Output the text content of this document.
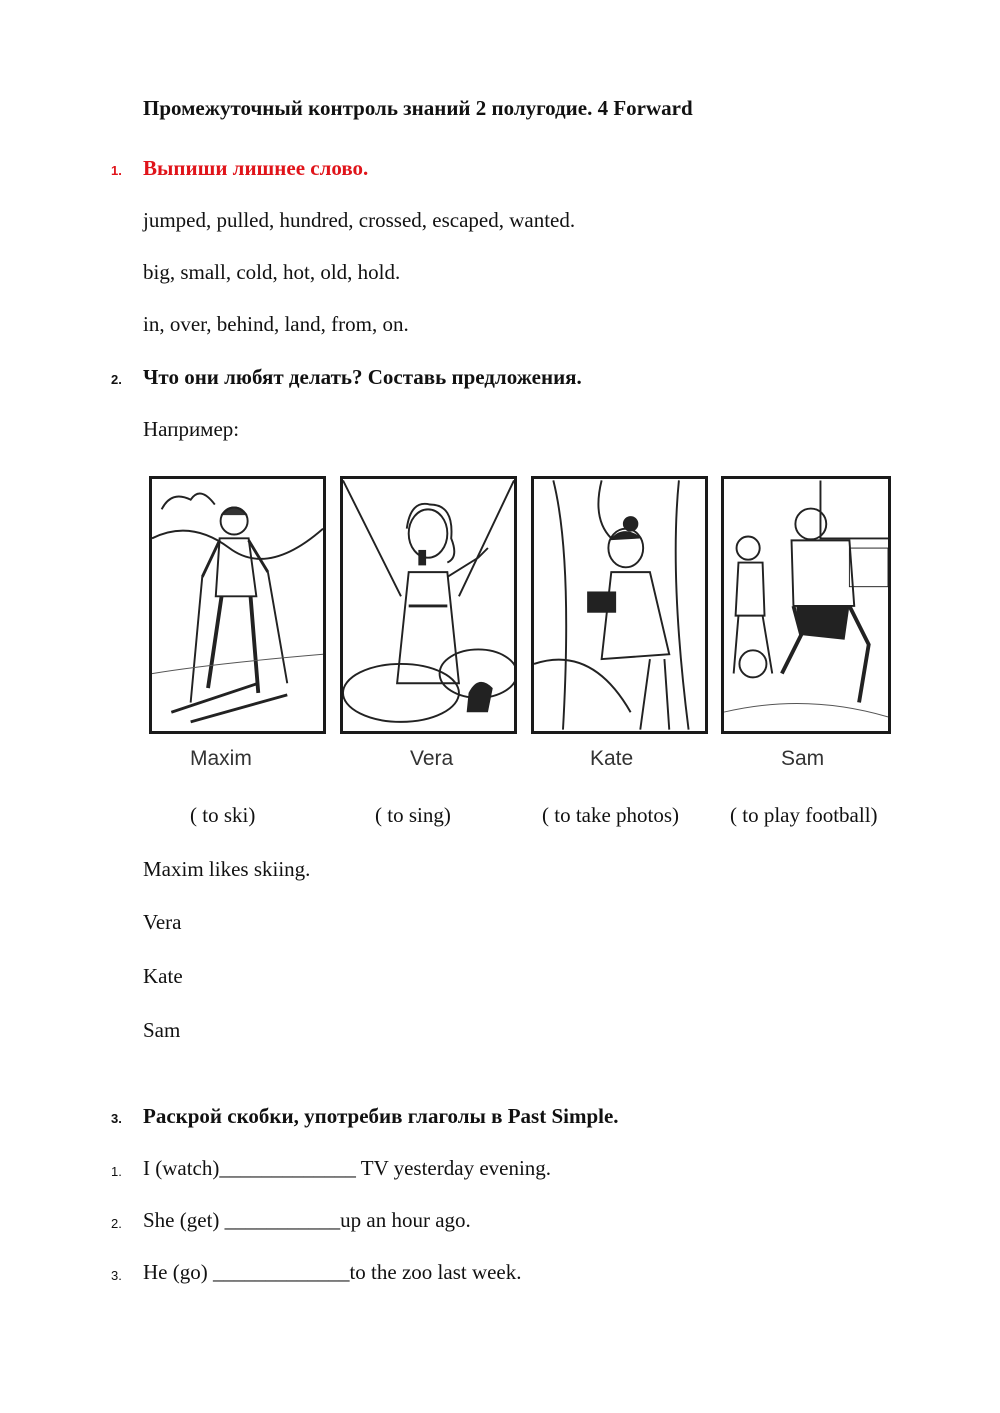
Промежуточный контроль знаний 2 полугодие. 4 Forward
1. Выпиши лишнее слово.
jumped, pulled, hundred, crossed, escaped, wanted.
big, small, cold, hot, old, hold.
in, over, behind, land, from, on.
2. Что они любят делать? Составь предложения.
Например:
Maxim	Vera	Kate	Sam
( to ski)	( to sing)	( to take photos) ( to play football)
Maxim likes skiing.
Vera
Kate
Sam
3. Раскрой скобки, употребив глаголы в Past Simple.
1. I (watch)_____________ TV yesterday evening.
2. She (get) ___________up an hour ago.
3. He (go) _____________to the zoo last week.
